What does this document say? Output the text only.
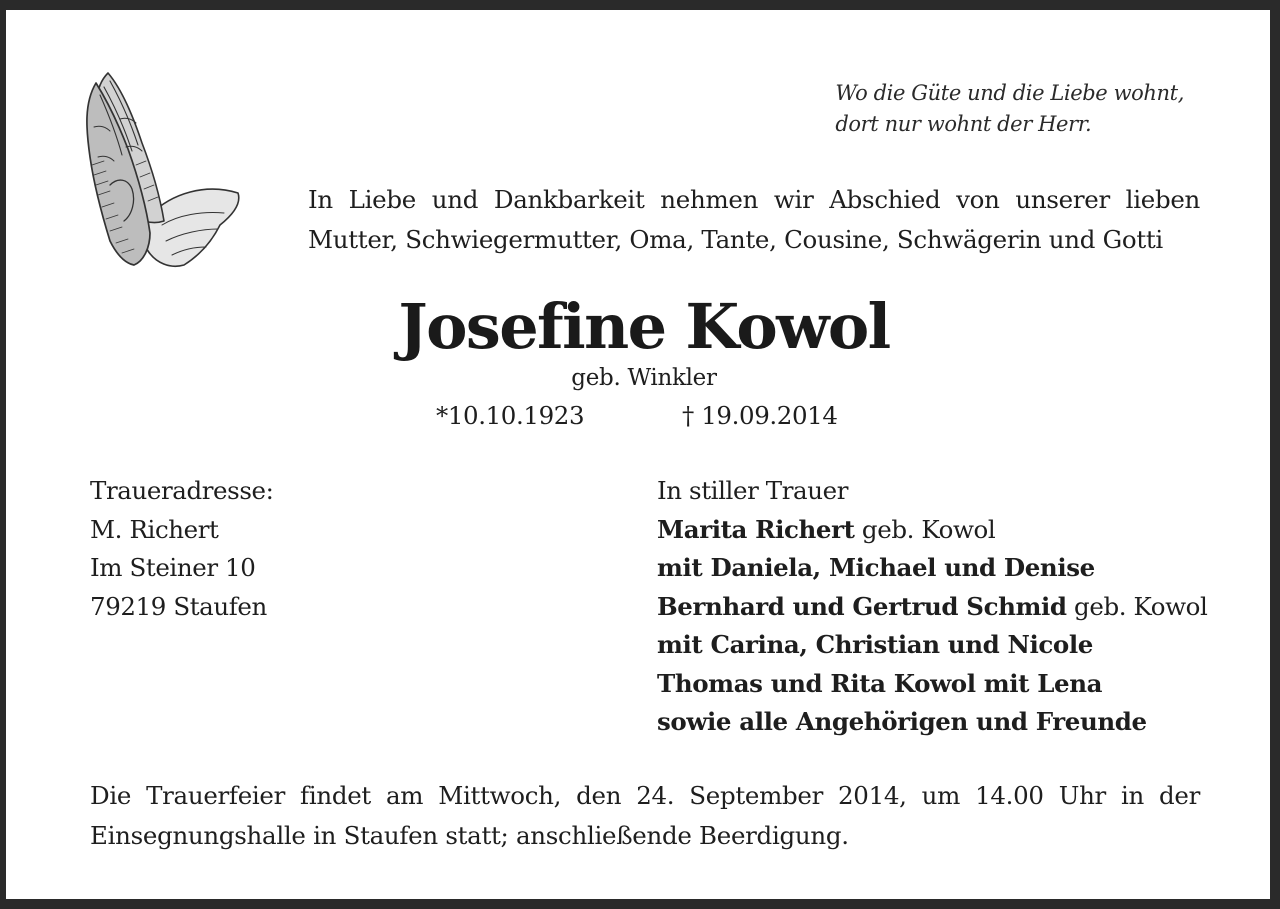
Wo die Güte und die Liebe wohnt,
dort nur wohnt der Herr.
In Liebe und Dankbarkeit nehmen wir Abschied von unserer lieben
Mutter, Schwiegermutter, Oma, Tante, Cousine, Schwägerin und Gotti
Josefine Kowol
geb. Winkler
*10.10.1923	† 19.09.2014
Traueradresse:
M. Richert
Im Steiner 10
79219 Staufen
In stiller Trauer
Marita Richert geb. Kowol
mit Daniela, Michael und Denise
Bernhard und Gertrud Schmid geb. Kowol
mit Carina, Christian und Nicole
Thomas und Rita Kowol mit Lena
sowie alle Angehörigen und Freunde
Die Trauerfeier findet am Mittwoch, den 24. September 2014, um 14.00 Uhr in der
Einsegnungshalle in Staufen statt; anschließende Beerdigung.
